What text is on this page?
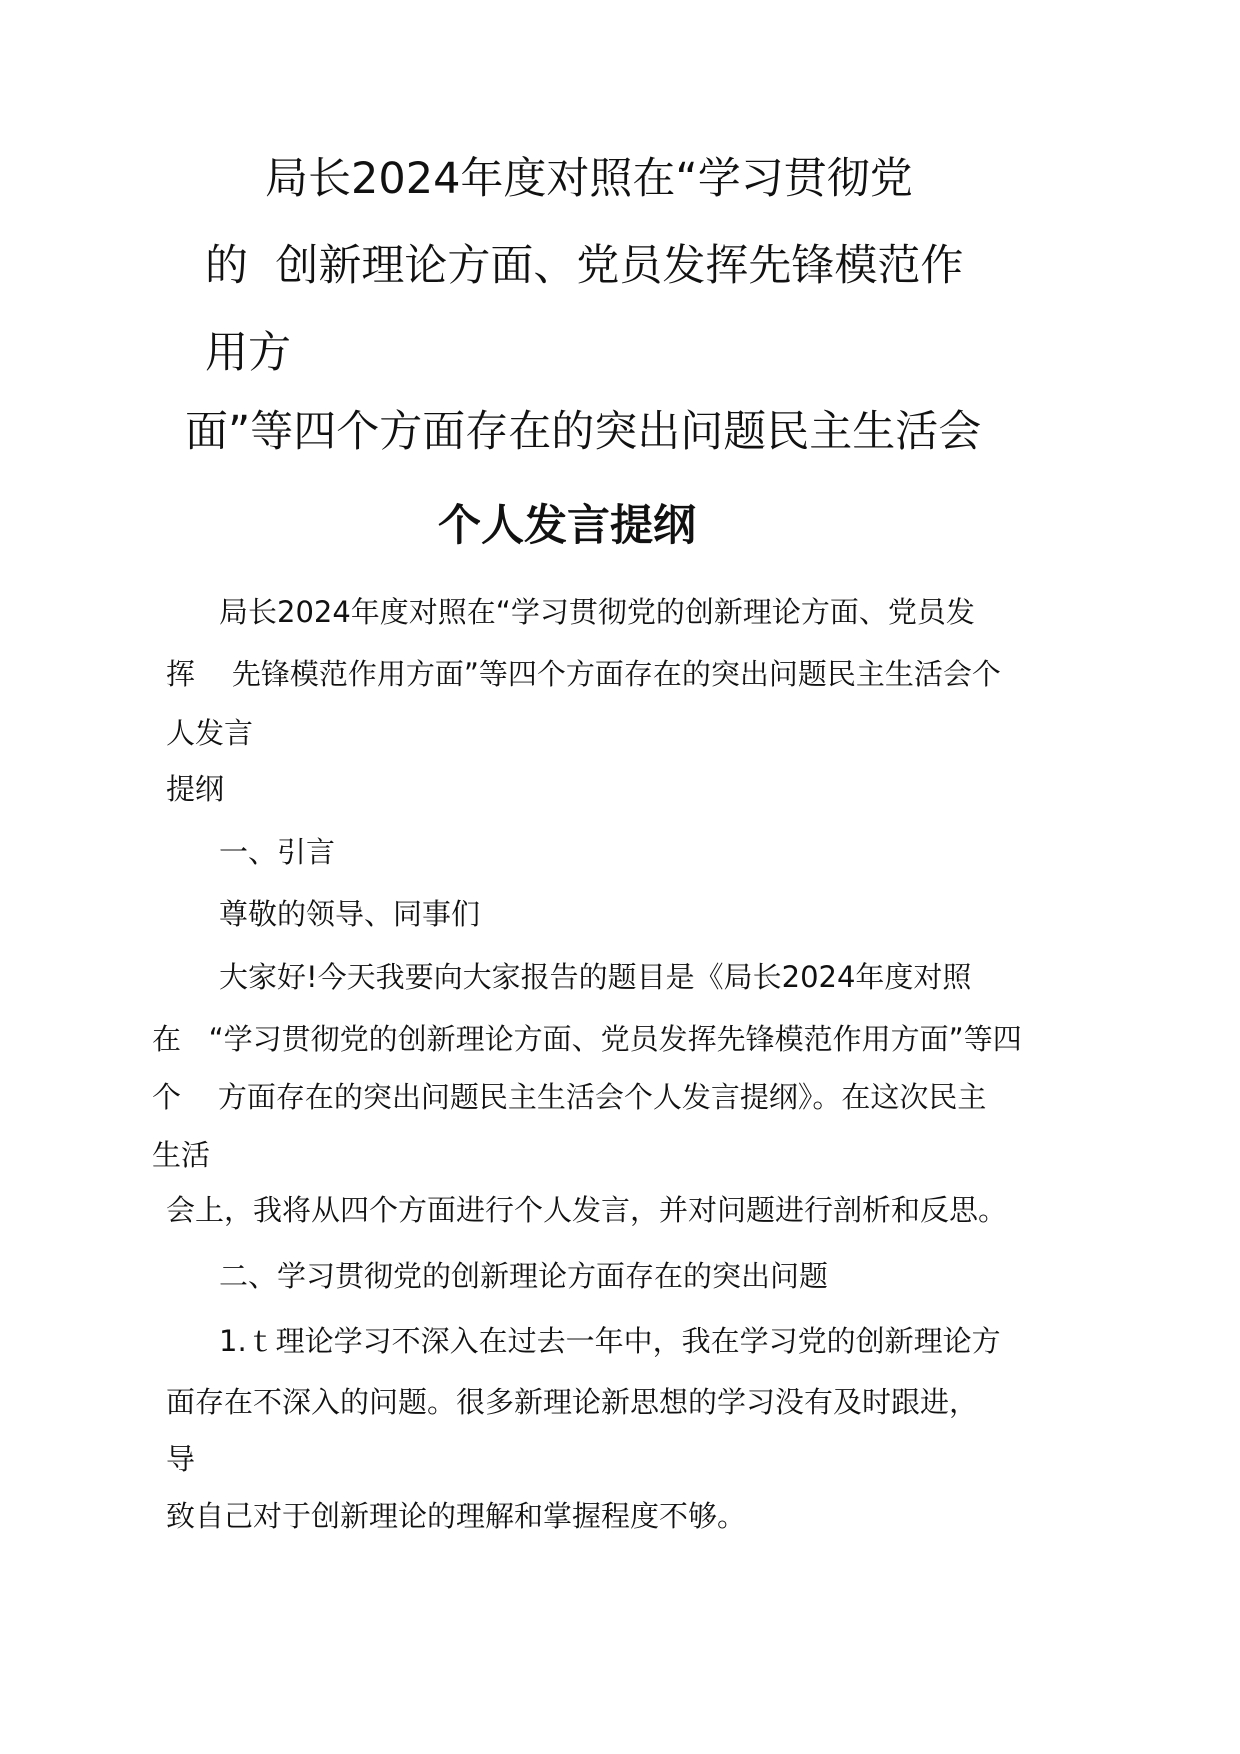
局长2024年度对照在“学习贯彻党

的  创新理论方面、党员发挥先锋模范作

用方

面”等四个方面存在的突出问题民主生活会

个人发言提纲

局长2024年度对照在“学习贯彻党的创新理论方面、党员发

挥    先锋模范作用方面”等四个方面存在的突出问题民主生活会个

人发言

提纲

一、引言

尊敬的领导、同事们

大家好!今天我要向大家报告的题目是《局长2024年度对照

在   “学习贯彻党的创新理论方面、党员发挥先锋模范作用方面”等四

个    方面存在的突出问题民主生活会个人发言提纲》。在这次民主

生活

会上，我将从四个方面进行个人发言，并对问题进行剖析和反思。

二、学习贯彻党的创新理论方面存在的突出问题

1.ｔ理论学习不深入在过去一年中，我在学习党的创新理论方

面存在不深入的问题。很多新理论新思想的学习没有及时跟进，

导

致自己对于创新理论的理解和掌握程度不够。
